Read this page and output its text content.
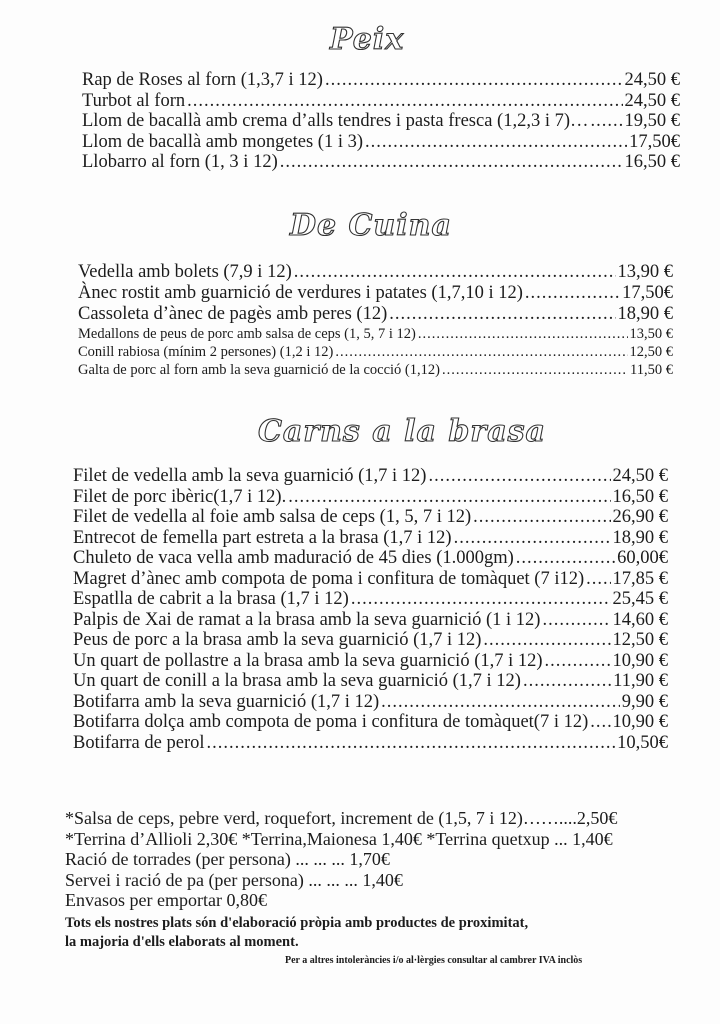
Peix
Rap de Roses al forn (1,3,7 i 12) .....	24,50 €
Turbot al forn .....	24,50 €
Llom de bacallà amb crema d’alls tendres i pasta fresca (1,2,3 i 7)… ..... 19,50 €
Llom de bacallà amb mongetes (1 i 3) .....	17,50€
Llobarro al forn (1, 3 i 12) .....	16,50 €
De Cuina
Vedella amb bolets (7,9 i 12) .....	13,90 €
Ànec rostit amb guarnició de verdures i patates (1,7,10 i 12) .....	17,50€
Cassoleta d’ànec de pagès amb peres (12) .....	18,90 €
Medallons de peus de porc amb salsa de ceps (1, 5, 7 i 12) .....	13,50 €
Conill rabiosa (mínim 2 persones) (1,2 i 12) .....	12,50 €
Galta de porc al forn amb la seva guarnició de la cocció (1,12) .....	11,50 €
Carns a la brasa
Filet de vedella amb la seva guarnició (1,7 i 12) .....	24,50 €
Filet de porc ibèric(1,7 i 12). .....	16,50 €
Filet de vedella al foie amb salsa de ceps (1, 5, 7 i 12) .....	26,90 €
Entrecot de femella part estreta a la brasa (1,7 i 12) .....	18,90 €
Chuleto de vaca vella amb maduració de 45 dies (1.000gm) .....	60,00€
Magret d’ànec amb compota de poma i confitura de tomàquet (7 i12) ..... 17,85 €
Espatlla de cabrit a la brasa (1,7 i 12) .....	25,45 €
Palpis de Xai de ramat a la brasa amb la seva guarnició (1 i 12) .....	14,60 €
Peus de porc a la brasa amb la seva guarnició (1,7 i 12) .....	12,50 €
Un quart de pollastre a la brasa amb la seva guarnició (1,7 i 12) .....	10,90 €
Un quart de conill a la brasa amb la seva guarnició (1,7 i 12) .....	11,90 €
Botifarra amb la seva guarnició (1,7 i 12) .....	9,90 €
Botifarra dolça amb compota de poma i confitura de tomàquet(7 i 12) ..... 10,90 €
Botifarra de perol .....	10,50€
*Salsa de ceps, pebre verd, roquefort, increment de (1,5, 7 i 12)……....2,50€
*Terrina d’Allioli 2,30€ *Terrina,Maionesa 1,40€ *Terrina quetxup ... 1,40€
Ració de torrades (per persona) ... ... ... 1,70€
Servei i ració de pa (per persona) ... ... ... 1,40€
Envasos per emportar 0,80€
Tots els nostres plats són d'elaboració pròpia amb productes de proximitat,
la majoria d'ells elaborats al moment.
Per a altres intoleràncies i/o al·lèrgies consultar al cambrer IVA inclòs
